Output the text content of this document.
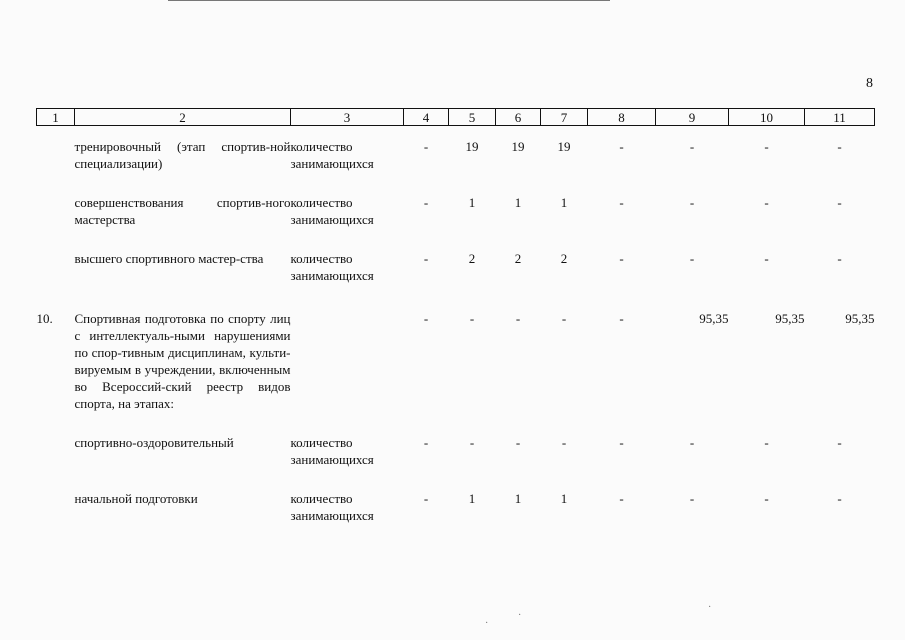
8
1	2	3	4	5	6	7	8	9	10	11
	тренировочный (этап спортив-ной специализации)	количество занимающихся	-	19	19	19	-	-	-	-
	совершенствования спортив-ного мастерства	количество занимающихся	-	1	1	1	-	-	-	-
	высшего спортивного мастер-ства	количество занимающихся	-	2	2	2	-	-	-	-
10.	Спортивная подготовка по спорту лиц с интеллектуаль-ными нарушениями по спор-тивным дисциплинам, культи-вируемым в учреждении, включенным во Всероссий-ский реестр видов спорта, на этапах:		-	-	-	-	-	95,35	95,35	95,35
	спортивно-оздоровительный	количество занимающихся	-	-	-	-	-	-	-	-
	начальной подготовки	количество занимающихся	-	1	1	1	-	-	-	-
·
·
·
